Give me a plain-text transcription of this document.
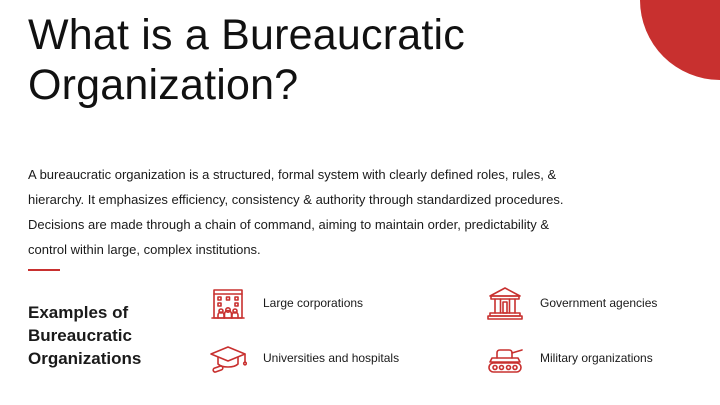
What is a Bureaucratic
Organization?

A bureaucratic organization is a structured, formal system with clearly defined roles, rules, &
hierarchy. It emphasizes efficiency, consistency & authority through standardized procedures.
Decisions are made through a chain of command, aiming to maintain order, predictability &
control within large, complex institutions.

Examples of
Bureaucratic
Organizations
Large corporations	Government agencies
Universities and hospitals	Military organizations
